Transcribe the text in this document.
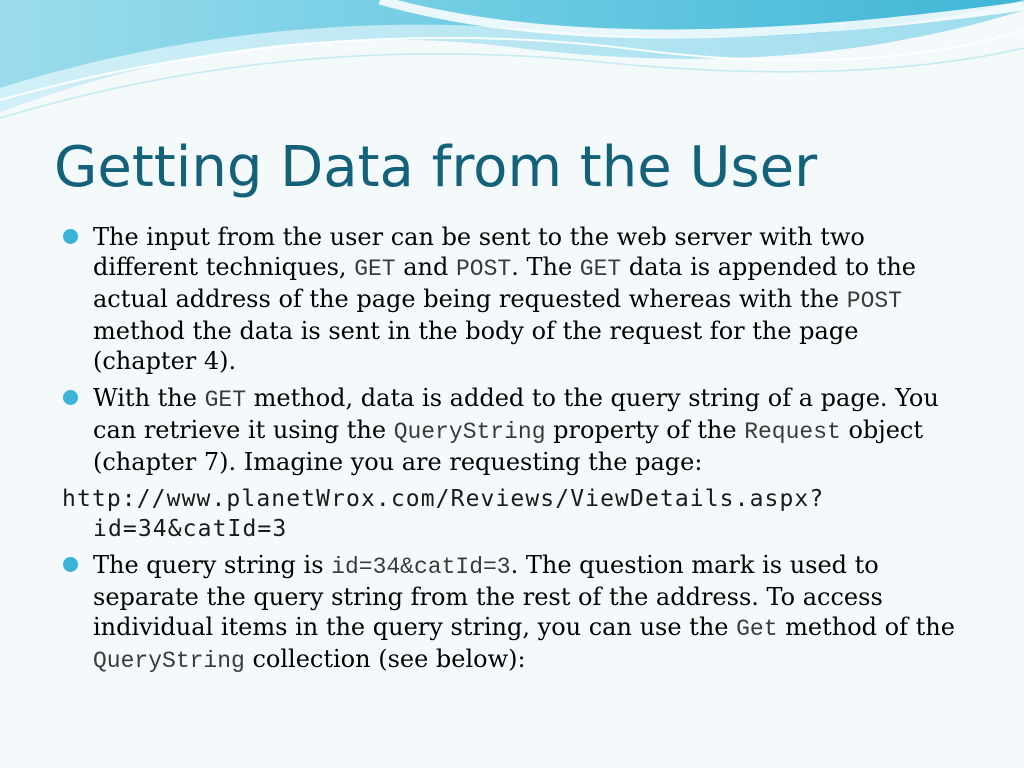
Getting Data from the User
The input from the user can be sent to the web server with two different techniques, GET and POST. The GET data is appended to the actual address of the page being requested whereas with the POST method the data is sent in the body of the request for the page (chapter 4).
With the GET method, data is added to the query string of a page. You can retrieve it using the QueryString property of the Request object (chapter 7). Imagine you are requesting the page:
http://www.planetWrox.com/Reviews/ViewDetails.aspx?id=34&catId=3
The query string is id=34&catId=3. The question mark is used to separate the query string from the rest of the address. To access individual items in the query string, you can use the Get method of the QueryString collection (see below):
